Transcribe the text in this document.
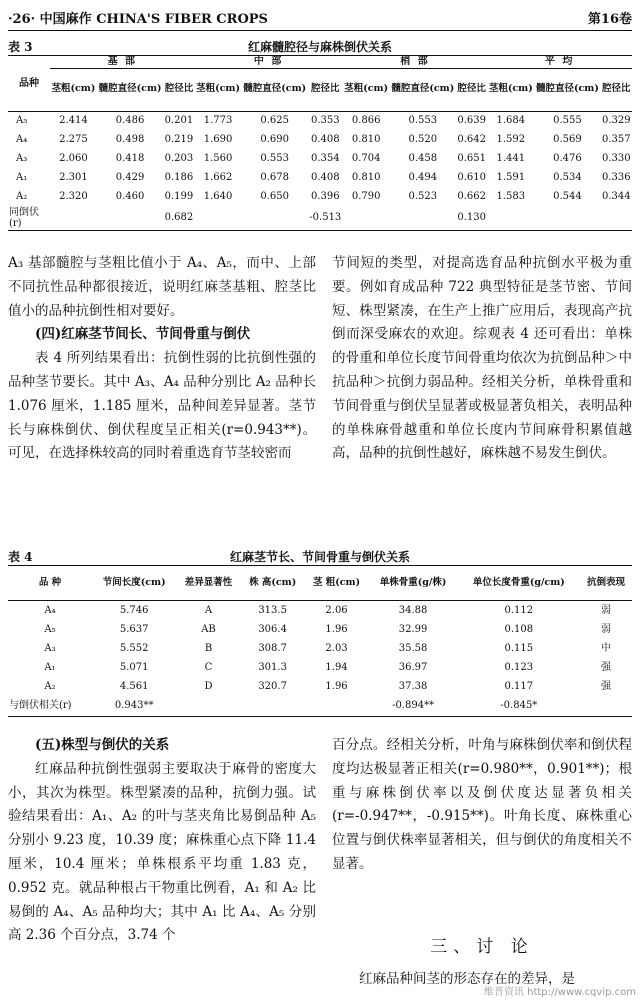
·26· 中国麻作 CHINA'S FIBER CROPS	第16卷
表 3	红麻髓腔径与麻株倒伏关系
品种	基 部			中 部			梢 部			平 均		
	茎粗(cm)	髓腔直径(cm)	腔径比	茎粗(cm)	髓腔直径(cm)	腔径比	茎粗(cm)	髓腔直径(cm)	腔径比	茎粗(cm)	髓腔直径(cm)	腔径比
A₅	2.414	0.486	0.201	1.773	0.625	0.353	0.866	0.553	0.639	1.684	0.555	0.329
A₄	2.275	0.498	0.219	1.690	0.690	0.408	0.810	0.520	0.642	1.592	0.569	0.357
A₃	2.060	0.418	0.203	1.560	0.553	0.354	0.704	0.458	0.651	1.441	0.476	0.330
A₁	2.301	0.429	0.186	1.662	0.678	0.408	0.810	0.494	0.610	1.591	0.534	0.336
A₂	2.320	0.460	0.199	1.640	0.650	0.396	0.790	0.523	0.662	1.583	0.544	0.344
同倒伏(r)			0.682			-0.513			0.130			

A₃ 基部髓腔与茎粗比值小于 A₄、A₅，而中、上部不同抗性品种都很接近，说明红麻茎基粗、腔茎比值小的品种抗倒性相对要好。

(四)红麻茎节间长、节间骨重与倒伏

表 4 所列结果看出：抗倒性弱的比抗倒性强的品种茎节要长。其中 A₃、A₄ 品种分别比 A₂ 品种长 1.076 厘米，1.185 厘米，品种间差异显著。茎节长与麻株倒伏、倒伏程度呈正相关(r=0.943**)。可见，在选择株较高的同时着重选育节茎较密而

节间短的类型，对提高选育品种抗倒水平极为重要。例如育成品种 722 典型特征是茎节密、节间短、株型紧凑，在生产上推广应用后，表现高产抗倒而深受麻农的欢迎。综观表 4 还可看出：单株的骨重和单位长度节间骨重均依次为抗倒品种＞中抗品种＞抗倒力弱品种。经相关分析，单株骨重和节间骨重与倒伏呈显著或极显著负相关，表明品种的单株麻骨越重和单位长度内节间麻骨积累值越高，品种的抗倒性越好，麻株越不易发生倒伏。

表 4	红麻茎节长、节间骨重与倒伏关系
品 种	节间长度(cm)	差异显著性	株 高(cm)	茎 粗(cm)	单株骨重(g/株)	单位长度骨重(g/cm)	抗倒表现
A₄	5.746	A	313.5	2.06	34.88	0.112	弱
A₅	5.637	AB	306.4	1.96	32.99	0.108	弱
A₃	5.552	B	308.7	2.03	35.58	0.115	中
A₁	5.071	C	301.3	1.94	36.97	0.123	强
A₂	4.561	D	320.7	1.96	37.38	0.117	强
与倒伏相关(r)	0.943**				-0.894**	-0.845*	

(五)株型与倒伏的关系

红麻品种抗倒性强弱主要取决于麻骨的密度大小，其次为株型。株型紧凑的品种，抗倒力强。试验结果看出：A₁、A₂ 的叶与茎夹角比易倒品种 A₅ 分别小 9.23 度，10.39 度；麻株重心点下降 11.4 厘米，10.4 厘米；单株根系平均重 1.83 克，0.952 克。就品种根占干物重比例看，A₁ 和 A₂ 比易倒的 A₄、A₅ 品种均大；其中 A₁ 比 A₄、A₅ 分别高 2.36 个百分点，3.74 个

百分点。经相关分析，叶角与麻株倒伏率和倒伏程度均达极显著正相关(r=0.980**，0.901**)；根重与麻株倒伏率以及倒伏度达显著负相关(r=-0.947**，-0.915**)。叶角长度、麻株重心位置与倒伏株率显著相关，但与倒伏的角度相关不显著。

三、讨 论

红麻品种间茎的形态存在的差异，是

维普资讯 http://www.cqvip.com
